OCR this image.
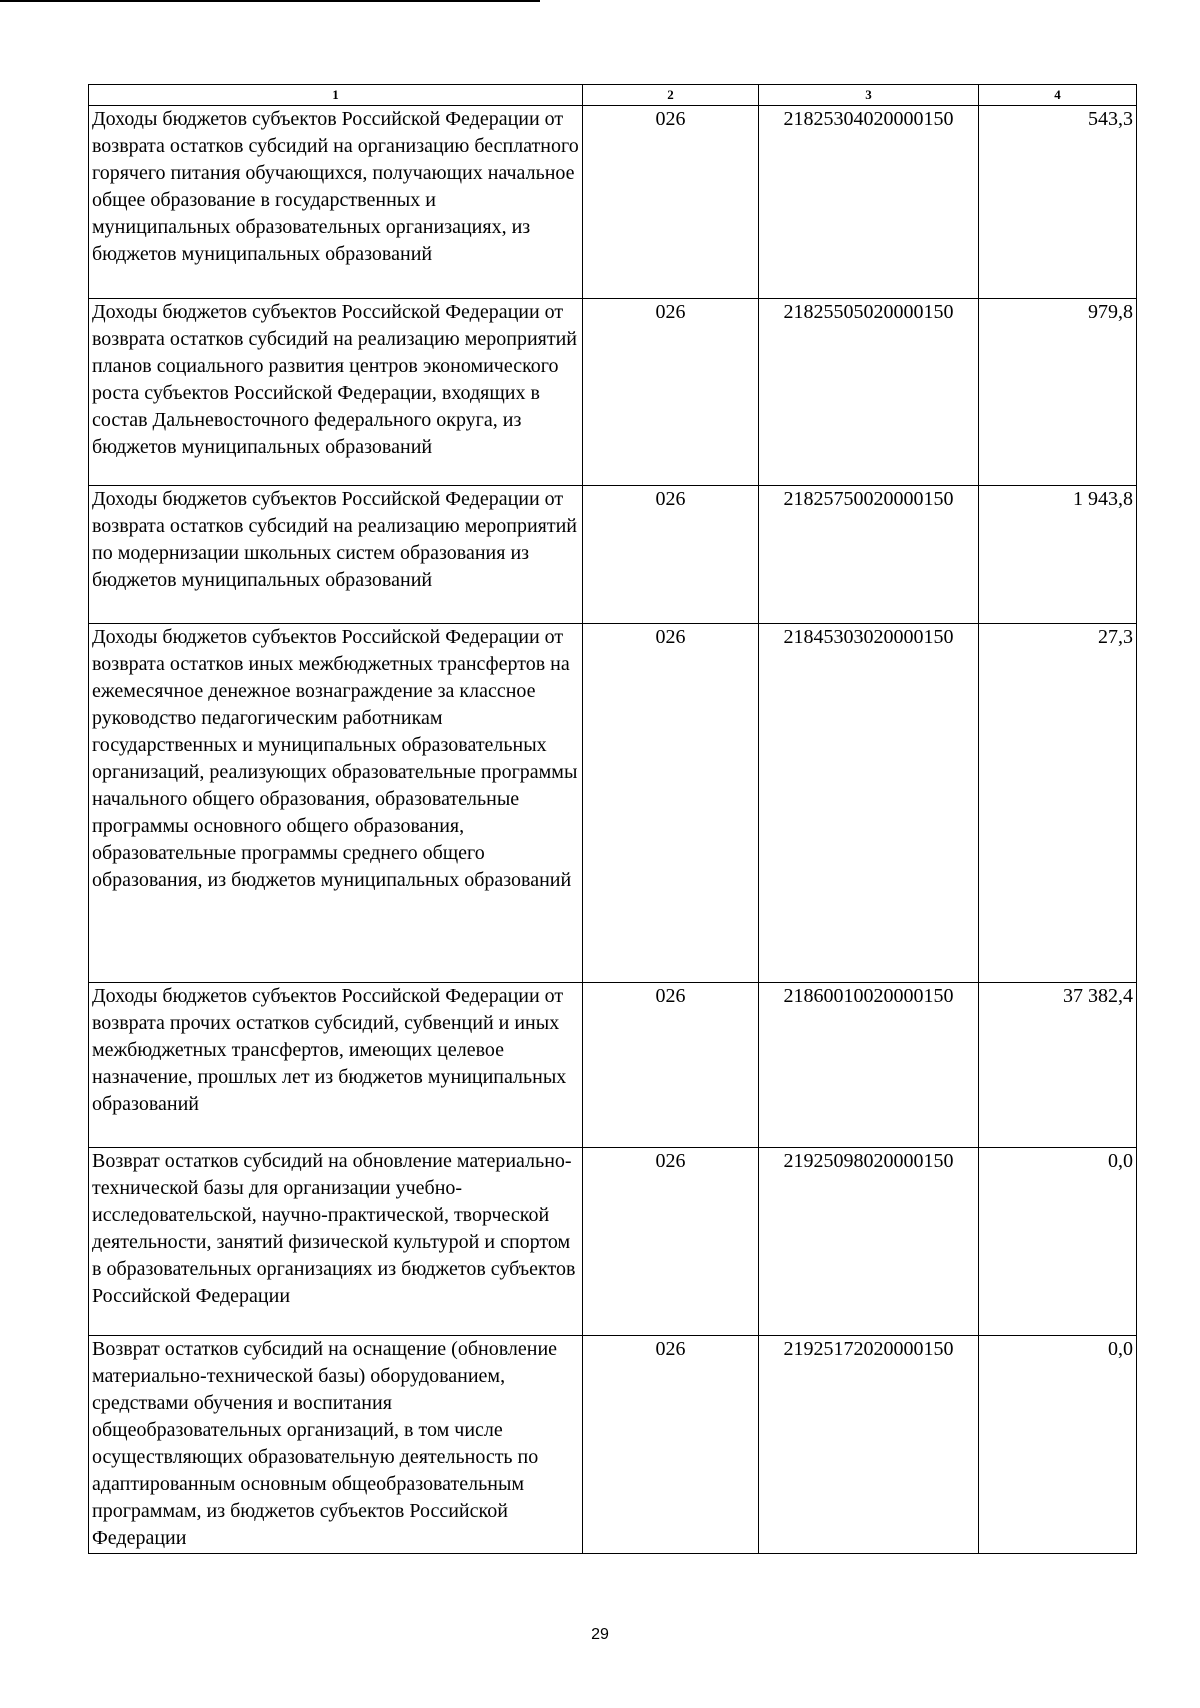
1	2	3	4
Доходы бюджетов субъектов Российской Федерации от возврата остатков субсидий на организацию бесплатного горячего питания обучающихся, получающих начальное общее образование в государственных и муниципальных образовательных организациях, из бюджетов муниципальных образований	026	21825304020000150	543,3
Доходы бюджетов субъектов Российской Федерации от возврата остатков субсидий на реализацию мероприятий планов социального развития центров экономического роста субъектов Российской Федерации, входящих в состав Дальневосточного федерального округа, из бюджетов муниципальных образований	026	21825505020000150	979,8
Доходы бюджетов субъектов Российской Федерации от возврата остатков субсидий на реализацию мероприятий по модернизации школьных систем образования из бюджетов муниципальных образований	026	21825750020000150	1 943,8
Доходы бюджетов субъектов Российской Федерации от возврата остатков иных межбюджетных трансфертов на ежемесячное денежное вознаграждение за классное руководство педагогическим работникам государственных и муниципальных образовательных организаций, реализующих образовательные программы начального общего образования, образовательные программы основного общего образования, образовательные программы среднего общего образования, из бюджетов муниципальных образований	026	21845303020000150	27,3
Доходы бюджетов субъектов Российской Федерации от возврата прочих остатков субсидий, субвенций и иных межбюджетных трансфертов, имеющих целевое назначение, прошлых лет из бюджетов муниципальных образований	026	21860010020000150	37 382,4
Возврат остатков субсидий на обновление материально-технической базы для организации учебно-исследовательской, научно-практической, творческой деятельности, занятий физической культурой и спортом в образовательных организациях из бюджетов субъектов Российской Федерации	026	21925098020000150	0,0
Возврат остатков субсидий на оснащение (обновление материально-технической базы) оборудованием, средствами обучения и воспитания общеобразовательных организаций, в том числе осуществляющих образовательную деятельность по адаптированным основным общеобразовательным программам, из бюджетов субъектов Российской Федерации	026	21925172020000150	0,0
29
